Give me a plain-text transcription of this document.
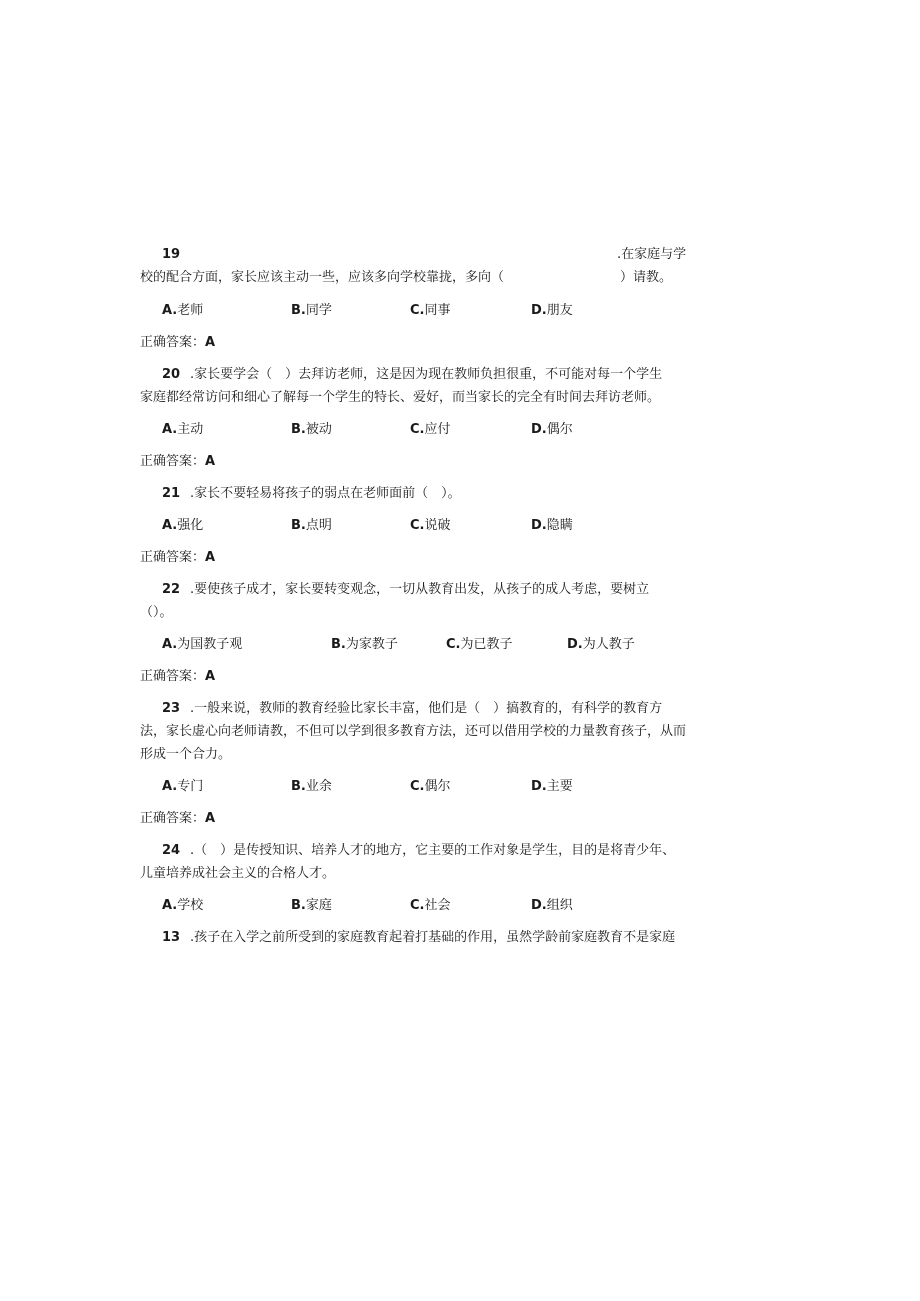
19	.在家庭与学
校的配合方面，家长应该主动一些，应该多向学校靠拢，多向（	）请教。
A.老师	B.同学	C.同事	D.朋友
正确答案：A
20 .家长要学会（　）去拜访老师，这是因为现在教师负担很重，不可能对每一个学生
家庭都经常访问和细心了解每一个学生的特长、爱好，而当家长的完全有时间去拜访老师。
A.主动	B.被动	C.应付	D.偶尔
正确答案：A
21 .家长不要轻易将孩子的弱点在老师面前（　）。
A.强化	B.点明	C.说破	D.隐瞒
正确答案：A
22 .要使孩子成才，家长要转变观念，一切从教育出发，从孩子的成人考虑，要树立
（）。
A.为国教子观	B.为家教子	C.为已教子	D.为人教子
正确答案：A
23 .一般来说，教师的教育经验比家长丰富，他们是（　）搞教育的，有科学的教育方
法，家长虚心向老师请教，不但可以学到很多教育方法，还可以借用学校的力量教育孩子，从而
形成一个合力。
A.专门	B.业余	C.偶尔	D.主要
正确答案：A
24 .（　）是传授知识、培养人才的地方，它主要的工作对象是学生，目的是将青少年、
儿童培养成社会主义的合格人才。
A.学校	B.家庭	C.社会	D.组织
13 .孩子在入学之前所受到的家庭教育起着打基础的作用，虽然学龄前家庭教育不是家庭
